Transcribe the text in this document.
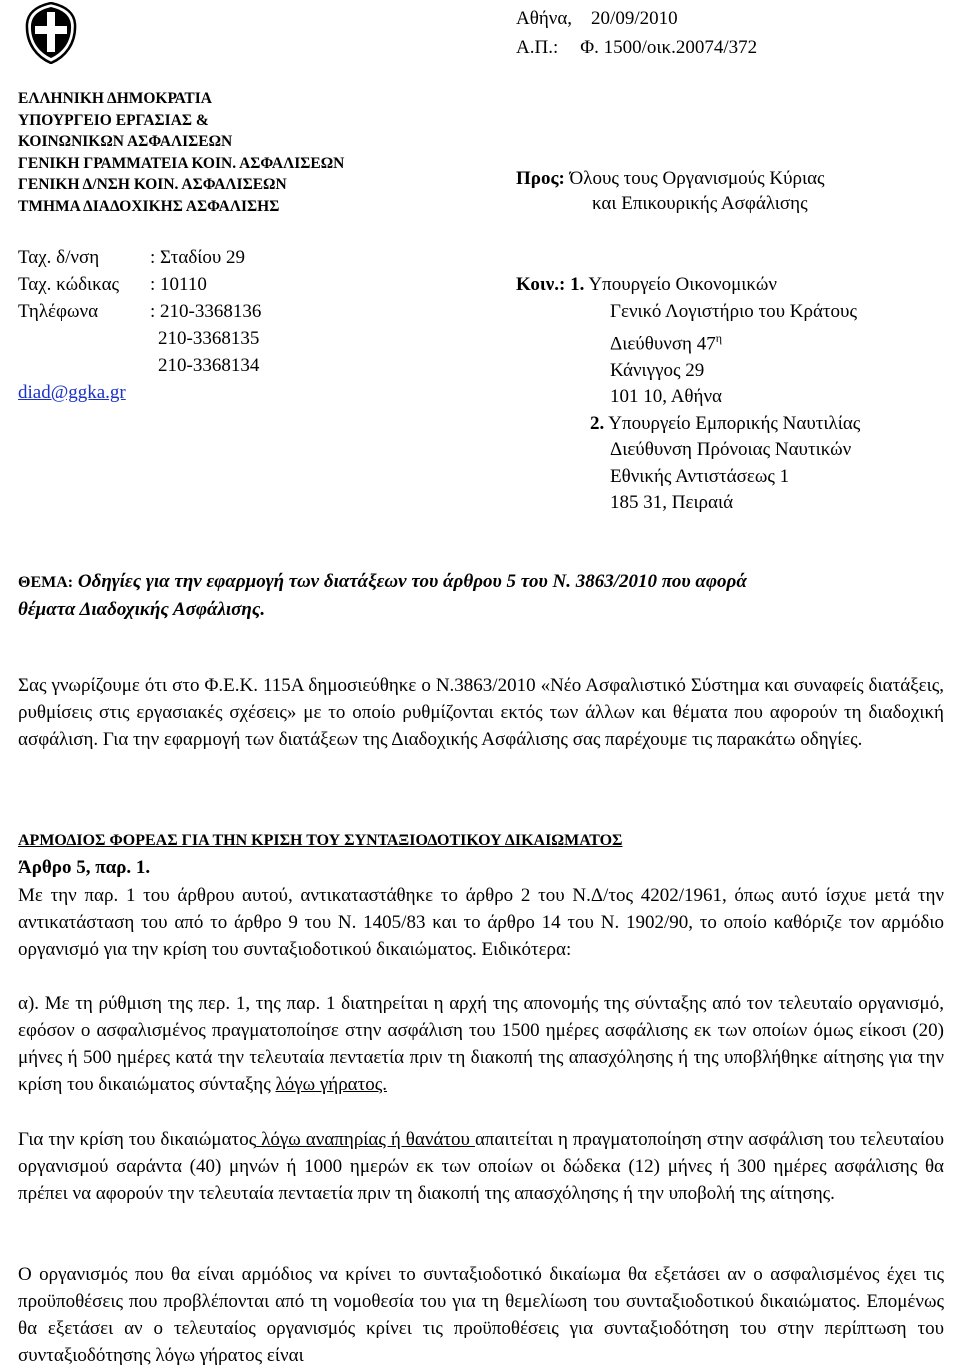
ΕΛΛΗΝΙΚΗ ΔΗΜΟΚΡΑΤΙΑ
ΥΠΟΥΡΓΕΙΟ ΕΡΓΑΣΙΑΣ &
ΚΟΙΝΩΝΙΚΩΝ ΑΣΦΑΛΙΣΕΩΝ
ΓΕΝΙΚΗ ΓΡΑΜΜΑΤΕΙΑ ΚΟΙΝ. ΑΣΦΑΛΙΣΕΩΝ
ΓΕΝΙΚΗ Δ/ΝΣΗ ΚΟΙΝ. ΑΣΦΑΛΙΣΕΩΝ
ΤΜΗΜΑ ΔΙΑΔΟΧΙΚΗΣ ΑΣΦΑΛΙΣΗΣ
Ταχ. δ/νση	: Σταδίου 29
Ταχ. κώδικας	: 10110
Τηλέφωνα	: 210-3368136
210-3368135
210-3368134
diad@ggka.gr
Αθήνα,    20/09/2010
Α.Π.: Φ. 1500/οικ.20074/372
Προς: Όλους τους Οργανισμούς Κύριας
και Επικουρικής Ασφάλισης
Κοιν.: 1. Υπουργείο Οικονομικών
Γενικό Λογιστήριο του Κράτους
Διεύθυνση $47^\eta$
Κάνιγγος 29
101 10, Αθήνα
2. Υπουργείο Εμπορικής Ναυτιλίας
Διεύθυνση Πρόνοιας Ναυτικών
Εθνικής Αντιστάσεως 1
185 31, Πειραιά
ΘΕΜΑ: Οδηγίες για την εφαρμογή των διατάξεων του άρθρου 5 του Ν. 3863/2010 που αφορά
θέματα Διαδοχικής Ασφάλισης.

Σας γνωρίζουμε ότι στο Φ.Ε.Κ. 115Α δημοσιεύθηκε ο Ν.3863/2010 «Νέο Ασφαλιστικό Σύστημα και συναφείς διατάξεις, ρυθμίσεις στις εργασιακές σχέσεις» με το οποίο ρυθμίζονται εκτός των άλλων και θέματα που αφορούν τη διαδοχική ασφάλιση. Για την εφαρμογή των διατάξεων της Διαδοχικής Ασφάλισης σας παρέχουμε τις παρακάτω οδηγίες.

ΑΡΜΟΔΙΟΣ ΦΟΡΕΑΣ ΓΙΑ ΤΗΝ ΚΡΙΣΗ ΤΟΥ ΣΥΝΤΑΞΙΟΔΟΤΙΚΟΥ ΔΙΚΑΙΩΜΑΤΟΣ
Άρθρο 5, παρ. 1.

Με την παρ. 1 του άρθρου αυτού, αντικαταστάθηκε το άρθρο 2 του Ν.Δ/τος 4202/1961, όπως αυτό ίσχυε μετά την αντικατάσταση του από το άρθρο 9 του Ν. 1405/83 και το άρθρο 14 του Ν. 1902/90, το οποίο καθόριζε τον αρμόδιο οργανισμό για την κρίση του συνταξιοδοτικού δικαιώματος. Ειδικότερα:

α). Με τη ρύθμιση της περ. 1, της παρ. 1 διατηρείται η αρχή της απονομής της σύνταξης από τον τελευταίο οργανισμό, εφόσον ο ασφαλισμένος πραγματοποίησε στην ασφάλιση του 1500 ημέρες ασφάλισης εκ των οποίων όμως είκοσι (20) μήνες ή 500 ημέρες κατά την τελευταία πενταετία πριν τη διακοπή της απασχόλησης ή της υποβλήθηκε αίτησης για την κρίση του δικαιώματος σύνταξης λόγω γήρατος.

Για την κρίση του δικαιώματος λόγω αναπηρίας ή θανάτου απαιτείται η πραγματοποίηση στην ασφάλιση του τελευταίου οργανισμού σαράντα (40) μηνών ή 1000 ημερών εκ των οποίων οι δώδεκα (12) μήνες ή 300 ημέρες ασφάλισης θα πρέπει να αφορούν την τελευταία πενταετία πριν τη διακοπή της απασχόλησης ή την υποβολή της αίτησης.

Ο οργανισμός που θα είναι αρμόδιος να κρίνει το συνταξιοδοτικό δικαίωμα θα εξετάσει αν ο ασφαλισμένος έχει τις προϋποθέσεις που προβλέπονται από τη νομοθεσία του για τη θεμελίωση του συνταξιοδοτικού δικαιώματος. Επομένως θα εξετάσει αν ο τελευταίος οργανισμός κρίνει τις προϋποθέσεις για συνταξιοδότηση του στην περίπτωση του συνταξιοδότησης λόγω γήρατος είναι
